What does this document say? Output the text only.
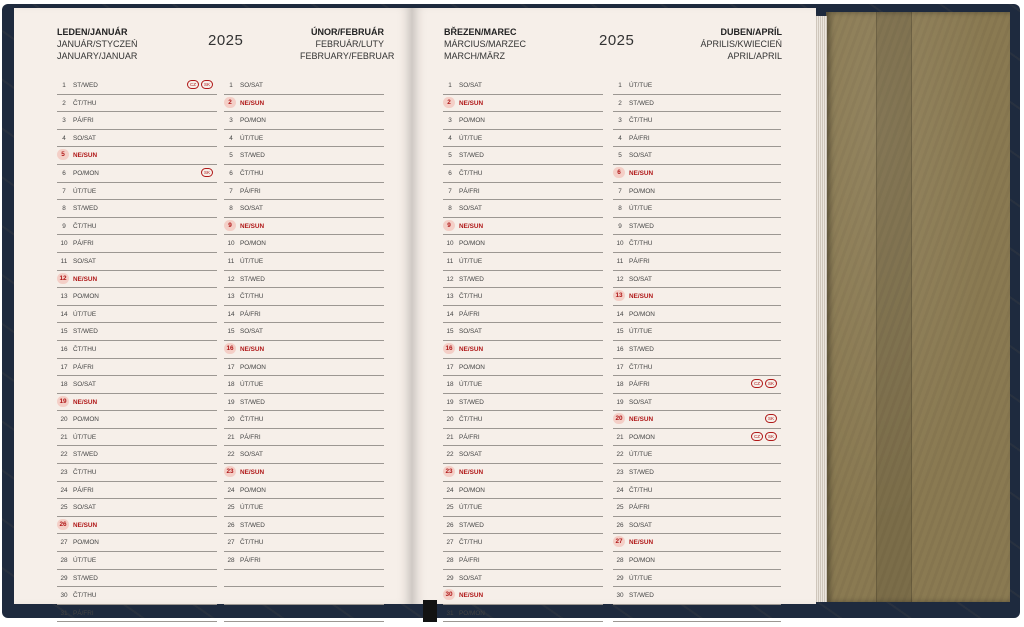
LEDEN/JANUÁR
JANUÁR/STYCZEŃ
JANUARY/JANUAR
2025	ÚNOR/FEBRUÁR
FEBRUÁR/LUTY
FEBRUARY/FEBRUAR
BŘEZEN/MAREC
MÁRCIUS/MARZEC
MARCH/MÄRZ
2025	DUBEN/APRÍL
ÁPRILIS/KWIECIEŃ
APRIL/APRIL
1	ST/WED	CZ	SK
2	ČT/THU
3	PÁ/FRI
4	SO/SAT
5	NE/SUN
6	PO/MON	SK
7	ÚT/TUE
8	ST/WED
9	ČT/THU
10 PÁ/FRI
11 SO/SAT
12	NE/SUN
13 PO/MON
14 ÚT/TUE
15 ST/WED
16 ČT/THU
17 PÁ/FRI
18 SO/SAT
19	NE/SUN
20 PO/MON
21 ÚT/TUE
22 ST/WED
23 ČT/THU
24 PÁ/FRI
25 SO/SAT
26	NE/SUN
27 PO/MON
28 ÚT/TUE
29 ST/WED
30 ČT/THU
31 PÁ/FRI
1	SO/SAT
2	NE/SUN
3	PO/MON
4	ÚT/TUE
5	ST/WED
6	ČT/THU
7	PÁ/FRI
8	SO/SAT
9	NE/SUN
10 PO/MON
11 ÚT/TUE
12 ST/WED
13 ČT/THU
14 PÁ/FRI
15 SO/SAT
16	NE/SUN
17 PO/MON
18 ÚT/TUE
19 ST/WED
20 ČT/THU
21 PÁ/FRI
22 SO/SAT
23	NE/SUN
24 PO/MON
25 ÚT/TUE
26 ST/WED
27 ČT/THU
28 PÁ/FRI
1	SO/SAT
2	NE/SUN
3	PO/MON
4	ÚT/TUE
5	ST/WED
6	ČT/THU
7	PÁ/FRI
8	SO/SAT
9	NE/SUN
10 PO/MON
11 ÚT/TUE
12 ST/WED
13 ČT/THU
14 PÁ/FRI
15 SO/SAT
16	NE/SUN
17 PO/MON
18 ÚT/TUE
19 ST/WED
20 ČT/THU
21 PÁ/FRI
22 SO/SAT
23	NE/SUN
24 PO/MON
25 ÚT/TUE
26 ST/WED
27 ČT/THU
28 PÁ/FRI
29 SO/SAT
30	NE/SUN
31 PO/MON
1	ÚT/TUE
2	ST/WED
3	ČT/THU
4	PÁ/FRI
5	SO/SAT
6	NE/SUN
7	PO/MON
8	ÚT/TUE
9	ST/WED
10 ČT/THU
11 PÁ/FRI
12 SO/SAT
13	NE/SUN
14 PO/MON
15 ÚT/TUE
16 ST/WED
17 ČT/THU
18 PÁ/FRI	CZ	SK
19 SO/SAT
20	NE/SUN	SK
21 PO/MON	CZ	SK
22 ÚT/TUE
23 ST/WED
24 ČT/THU
25 PÁ/FRI
26 SO/SAT
27	NE/SUN
28 PO/MON
29 ÚT/TUE
30 ST/WED
